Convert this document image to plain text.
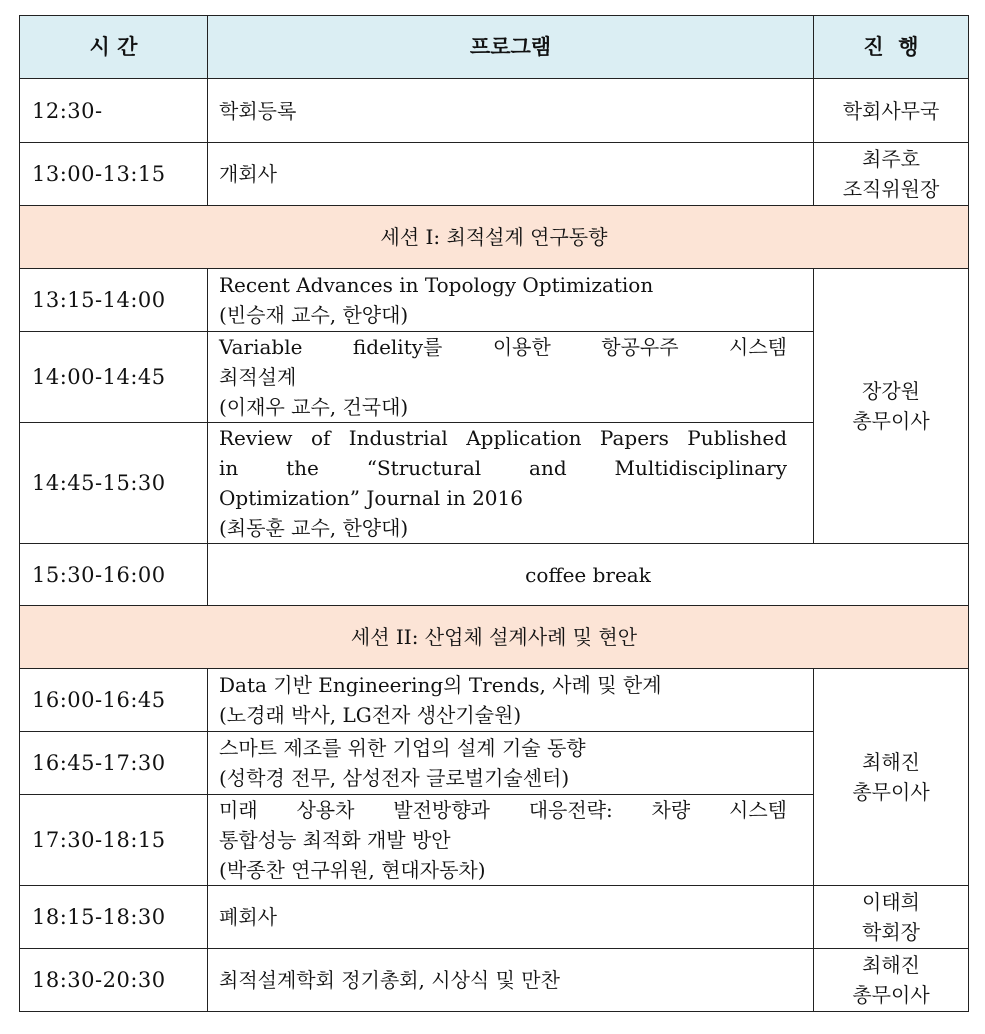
시 간	프로그램	진  행
12:30-	학회등록	학회사무국
13:00-13:15	개회사	최주호
조직위원장

세션 I: 최적설계 연구동향		
13:15-14:00	Recent Advances in Topology Optimization
(빈승재 교수, 한양대)	장강원
총무이사

14:00-14:45	Variable fidelity를 이용한 항공우주 시스템
최적설계
(이재우 교수, 건국대)	

14:45-15:30	Review of Industrial Application Papers Published
in the “Structural and Multidisciplinary
Optimization” Journal in 2016
(최동훈 교수, 한양대)	

15:30-16:00	coffee break	
세션 II: 산업체 설계사례 및 현안		
16:00-16:45	Data 기반 Engineering의 Trends, 사례 및 한계
(노경래 박사, LG전자 생산기술원)	최해진
총무이사

16:45-17:30	스마트 제조를 위한 기업의 설계 기술 동향
(성학경 전무, 삼성전자 글로벌기술센터)	

17:30-18:15	미래 상용차 발전방향과 대응전략: 차량 시스템
통합성능 최적화 개발 방안
(박종찬 연구위원, 현대자동차)	

18:15-18:30	폐회사	이태희
학회장

18:30-20:30	최적설계학회 정기총회, 시상식 및 만찬	최해진
총무이사
